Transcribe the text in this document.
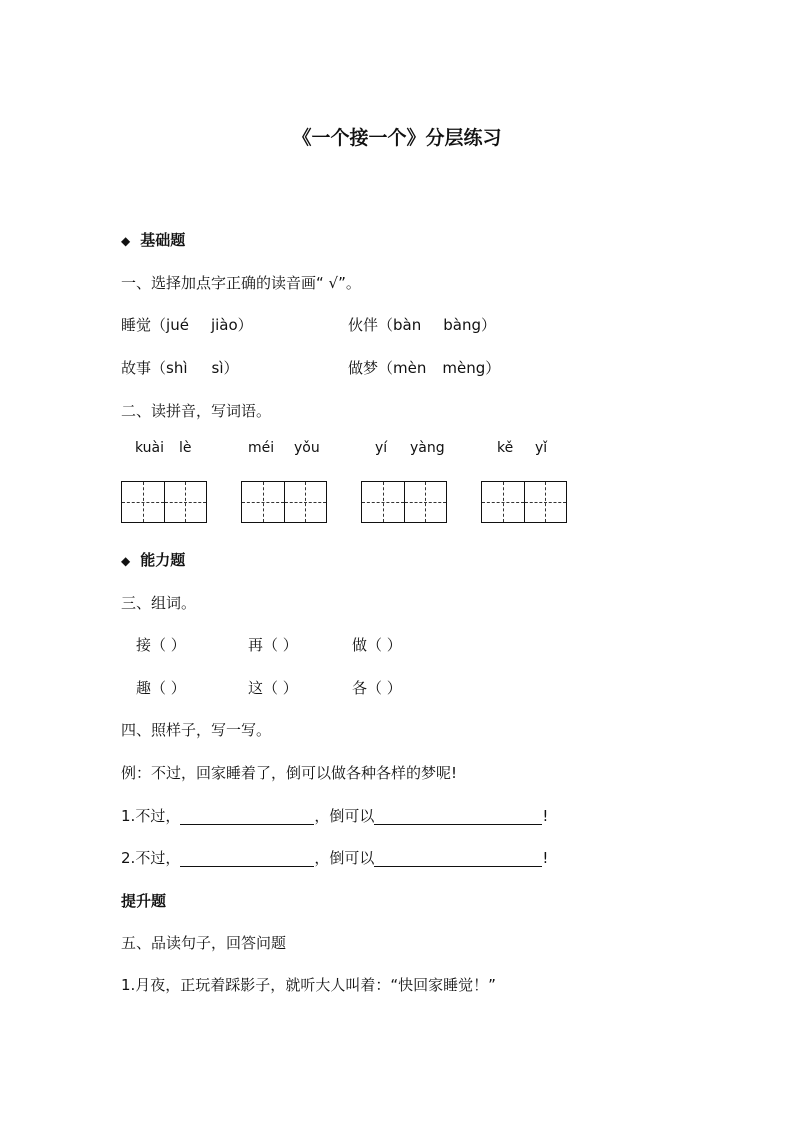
《一个接一个》分层练习
◆ 基础题
一、选择加点字正确的读音画“ √”。
睡觉（jué jiào）	伙伴（bàn bàng）
故事（shì sì）	做梦（mèn mèng）
二、读拼音，写词语。
kuài lè	méi yǒu	yí yàng	kě yǐ
◆ 能力题
三、组词。
接（ ）	再（ ）	做（ ）
趣（ ）	这（ ）	各（ ）
四、照样子，写一写。
例：不过，回家睡着了，倒可以做各种各样的梦呢!
1.不过，	，倒可以	!
2.不过，	，倒可以	!
提升题
五、品读句子，回答问题
1.月夜，正玩着踩影子，就听大人叫着：“快回家睡觉！”
